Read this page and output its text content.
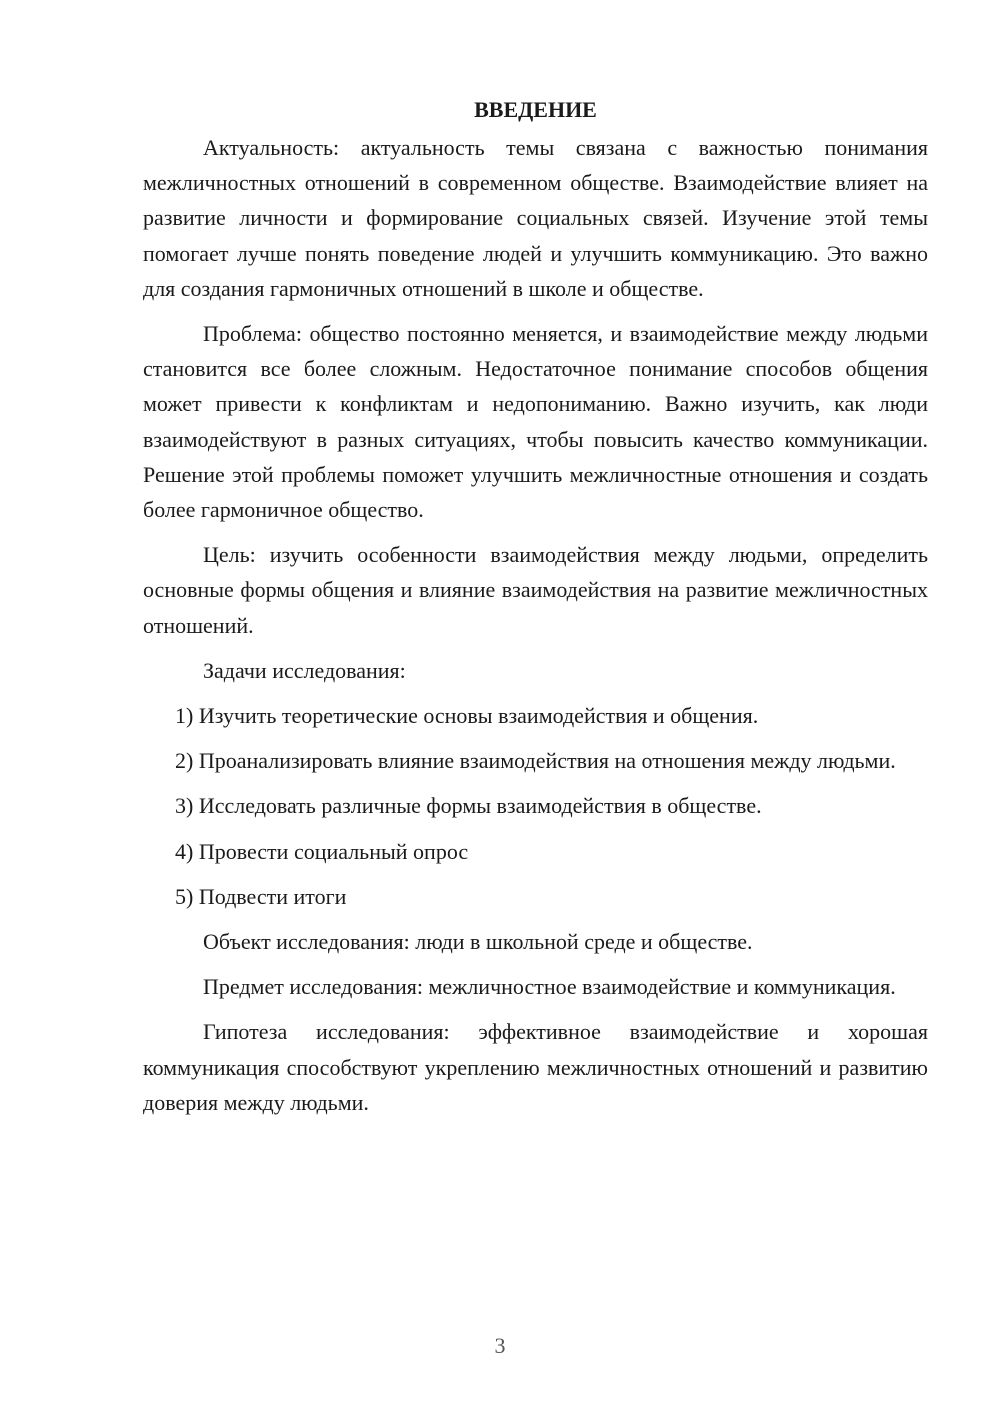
ВВЕДЕНИЕ

Актуальность: актуальность темы связана с важностью понимания межличностных отношений в современном обществе. Взаимодействие влияет на развитие личности и формирование социальных связей. Изучение этой темы помогает лучше понять поведение людей и улучшить коммуникацию. Это важно для создания гармоничных отношений в школе и обществе.

Проблема: общество постоянно меняется, и взаимодействие между людьми становится все более сложным. Недостаточное понимание способов общения может привести к конфликтам и недопониманию. Важно изучить, как люди взаимодействуют в разных ситуациях, чтобы повысить качество коммуникации. Решение этой проблемы поможет улучшить межличностные отношения и создать более гармоничное общество.

Цель: изучить особенности взаимодействия между людьми, определить основные формы общения и влияние взаимодействия на развитие межличностных отношений.

Задачи исследования:

1) Изучить теоретические основы взаимодействия и общения.

2) Проанализировать влияние взаимодействия на отношения между людьми.

3) Исследовать различные формы взаимодействия в обществе.

4) Провести социальный опрос

5) Подвести итоги

Объект исследования: люди в школьной среде и обществе.

Предмет исследования: межличностное взаимодействие и коммуникация.

Гипотеза исследования: эффективное взаимодействие и хорошая коммуникация способствуют укреплению межличностных отношений и развитию доверия между людьми.

3
